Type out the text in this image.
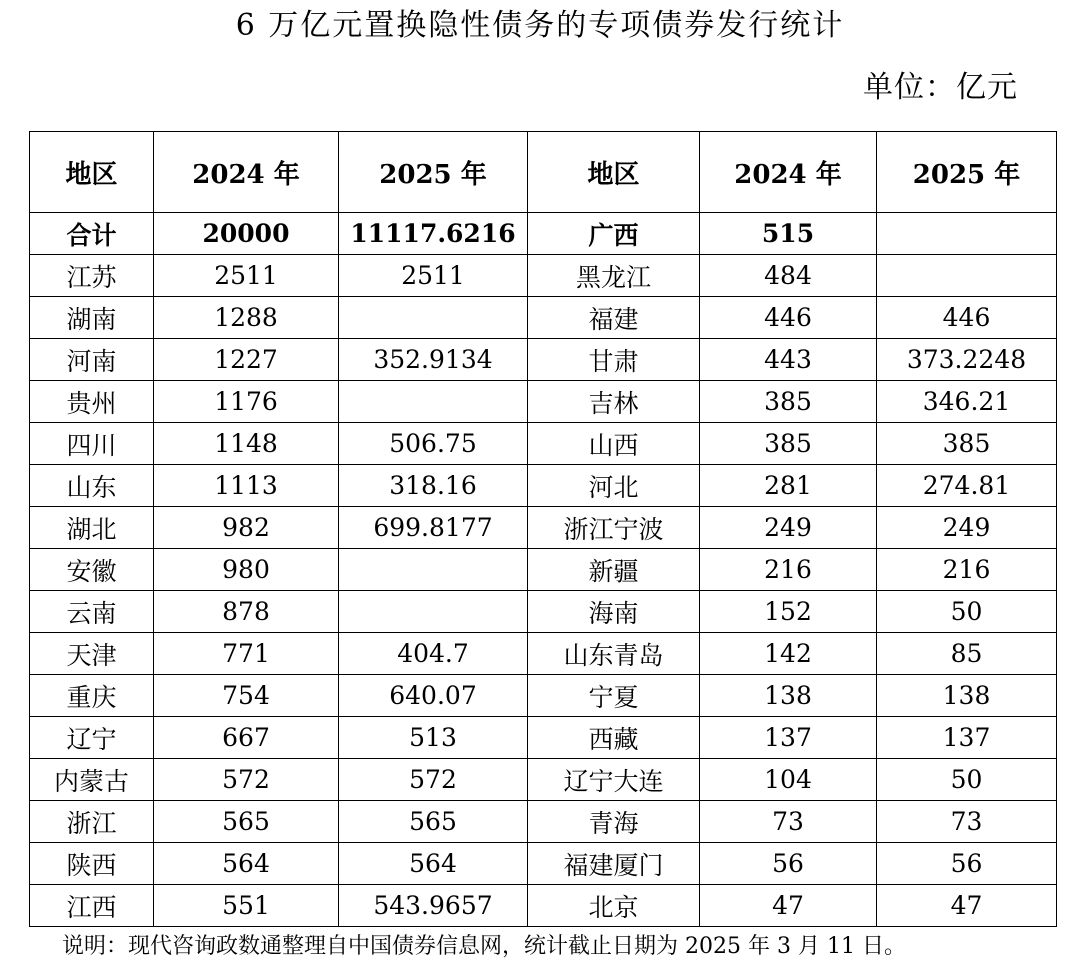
6 万亿元置换隐性债务的专项债券发行统计
单位：亿元
地区	2024 年	2025 年	地区	2024 年	2025 年
合计	20000	11117.6216	广西	515	
江苏	2511	2511	黑龙江	484	
湖南	1288		福建	446	446
河南	1227	352.9134	甘肃	443	373.2248
贵州	1176		吉林	385	346.21
四川	1148	506.75	山西	385	385
山东	1113	318.16	河北	281	274.81
湖北	982	699.8177	浙江宁波	249	249
安徽	980		新疆	216	216
云南	878		海南	152	50
天津	771	404.7	山东青岛	142	85
重庆	754	640.07	宁夏	138	138
辽宁	667	513	西藏	137	137
内蒙古	572	572	辽宁大连	104	50
浙江	565	565	青海	73	73
陕西	564	564	福建厦门	56	56
江西	551	543.9657	北京	47	47
说明：现代咨询政数通整理自中国债券信息网，统计截止日期为 2025 年 3 月 11 日。
